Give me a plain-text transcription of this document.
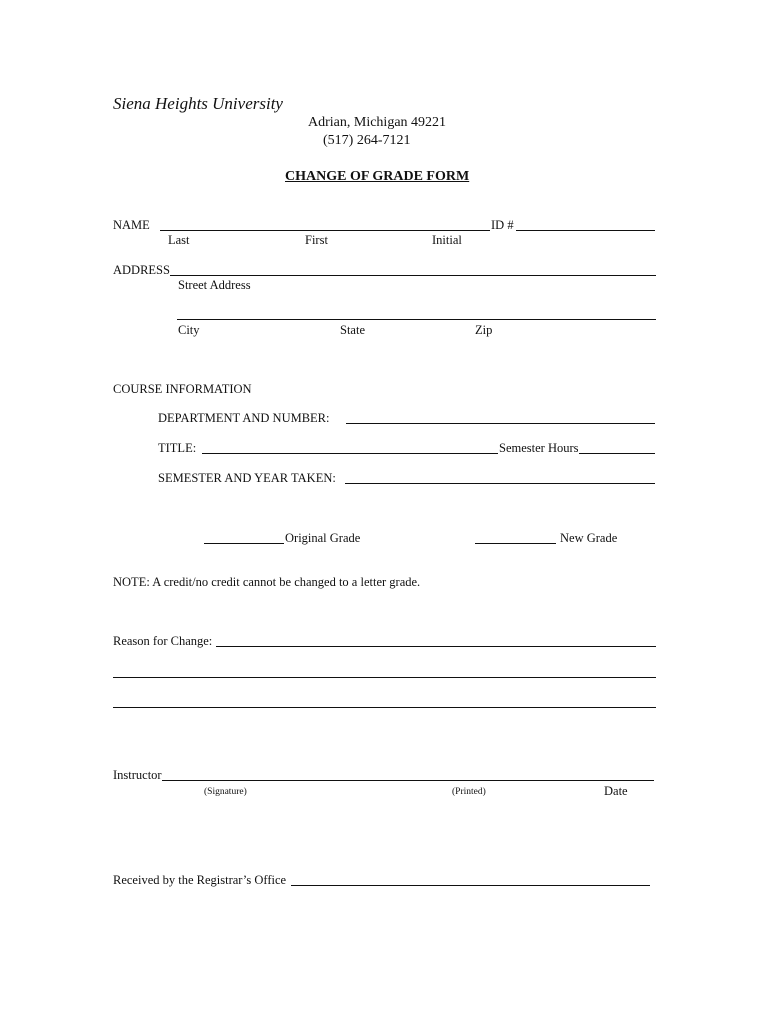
Siena Heights University
Adrian, Michigan 49221
(517) 264-7121
CHANGE OF GRADE FORM
NAME	ID #
Last	First	Initial
ADDRESS
Street Address
City	State	Zip
COURSE INFORMATION
DEPARTMENT AND NUMBER:
TITLE:	Semester Hours
SEMESTER AND YEAR TAKEN:
Original Grade	New Grade
NOTE: A credit/no credit cannot be changed to a letter grade.
Reason for Change:
Instructor
(Signature)	(Printed)	Date
Received by the Registrar’s Office
